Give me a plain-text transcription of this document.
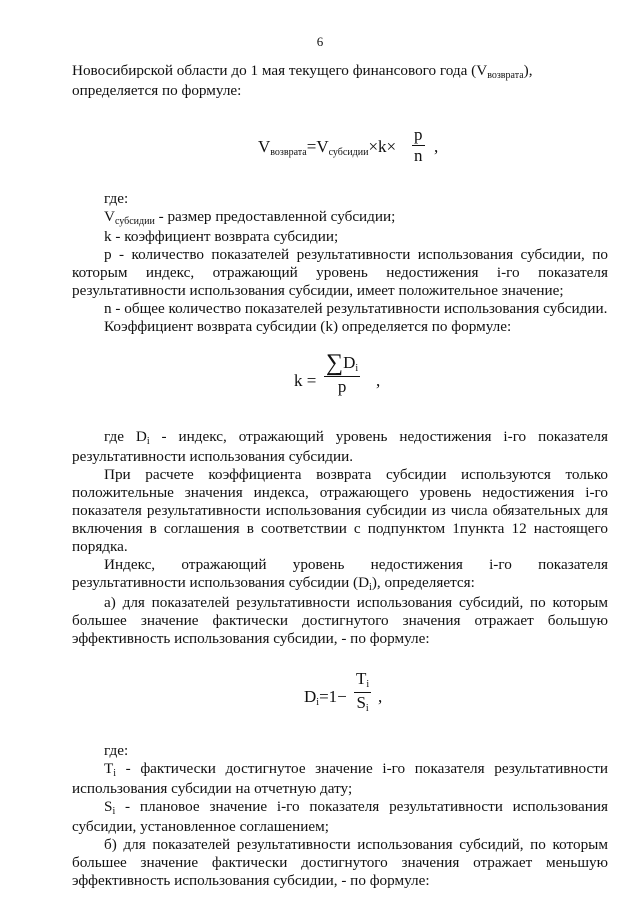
6

Новосибирской области до 1 мая текущего финансового года (Vвозврата),
определяется по формуле:

Vвозврата=Vсубсидии×k× $\frac{p}{n}$ ,

где:

Vсубсидии - размер предоставленной субсидии;

k - коэффициент возврата субсидии;

p - количество показателей результативности использования субсидии, по которым индекс, отражающий уровень недостижения i-го показателя результативности использования субсидии, имеет положительное значение;

n - общее количество показателей результативности использования субсидии.

Коэффициент возврата субсидии (k) определяется по формуле:

$k = \frac{\sum Di}{p}$ ,

где Di - индекс, отражающий уровень недостижения i-го показателя результативности использования субсидии.

При расчете коэффициента возврата субсидии используются только положительные значения индекса, отражающего уровень недостижения i-го показателя результативности использования субсидии из числа обязательных для включения в соглашения в соответствии с подпунктом 1пункта 12 настоящего порядка.

Индекс, отражающий уровень недостижения i-го показателя результативности использования субсидии (Di), определяется:

а) для показателей результативности использования субсидий, по которым большее значение фактически достигнутого значения отражает большую эффективность использования субсидии, - по формуле:

$Di=1- \frac{Ti}{Si}$ ,

где:

Ti - фактически достигнутое значение i-го показателя результативности использования субсидии на отчетную дату;

Si - плановое значение i-го показателя результативности использования субсидии, установленное соглашением;

б) для показателей результативности использования субсидий, по которым большее значение фактически достигнутого значения отражает меньшую эффективность использования субсидии, - по формуле:
